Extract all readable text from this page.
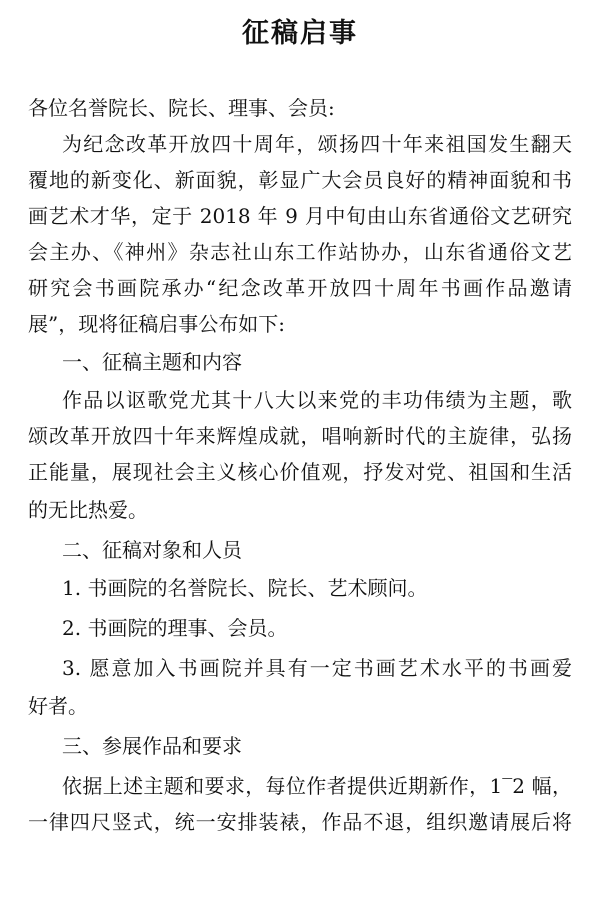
征稿启事

各位名誉院长、院长、理事、会员:

为纪念改革开放四十周年，颂扬四十年来祖国发生翻天

覆地的新变化、新面貌，彰显广大会员良好的精神面貌和书

画艺术才华，定于 2018 年 9 月中旬由山东省通俗文艺研究

会主办、《神州》杂志社山东工作站协办，山东省通俗文艺

研究会书画院承办“纪念改革开放四十周年书画作品邀请

展”，现将征稿启事公布如下:

一、征稿主题和内容

作品以讴歌党尤其十八大以来党的丰功伟绩为主题，歌

颂改革开放四十年来辉煌成就，唱响新时代的主旋律，弘扬

正能量，展现社会主义核心价值观，抒发对党、祖国和生活

的无比热爱。

二、征稿对象和人员

1. 书画院的名誉院长、院长、艺术顾问。

2. 书画院的理事、会员。

3. 愿意加入书画院并具有一定书画艺术水平的书画爱

好者。

三、参展作品和要求

依据上述主题和要求，每位作者提供近期新作，1‾2 幅，

一律四尺竖式，统一安排装裱，作品不退，组织邀请展后将
